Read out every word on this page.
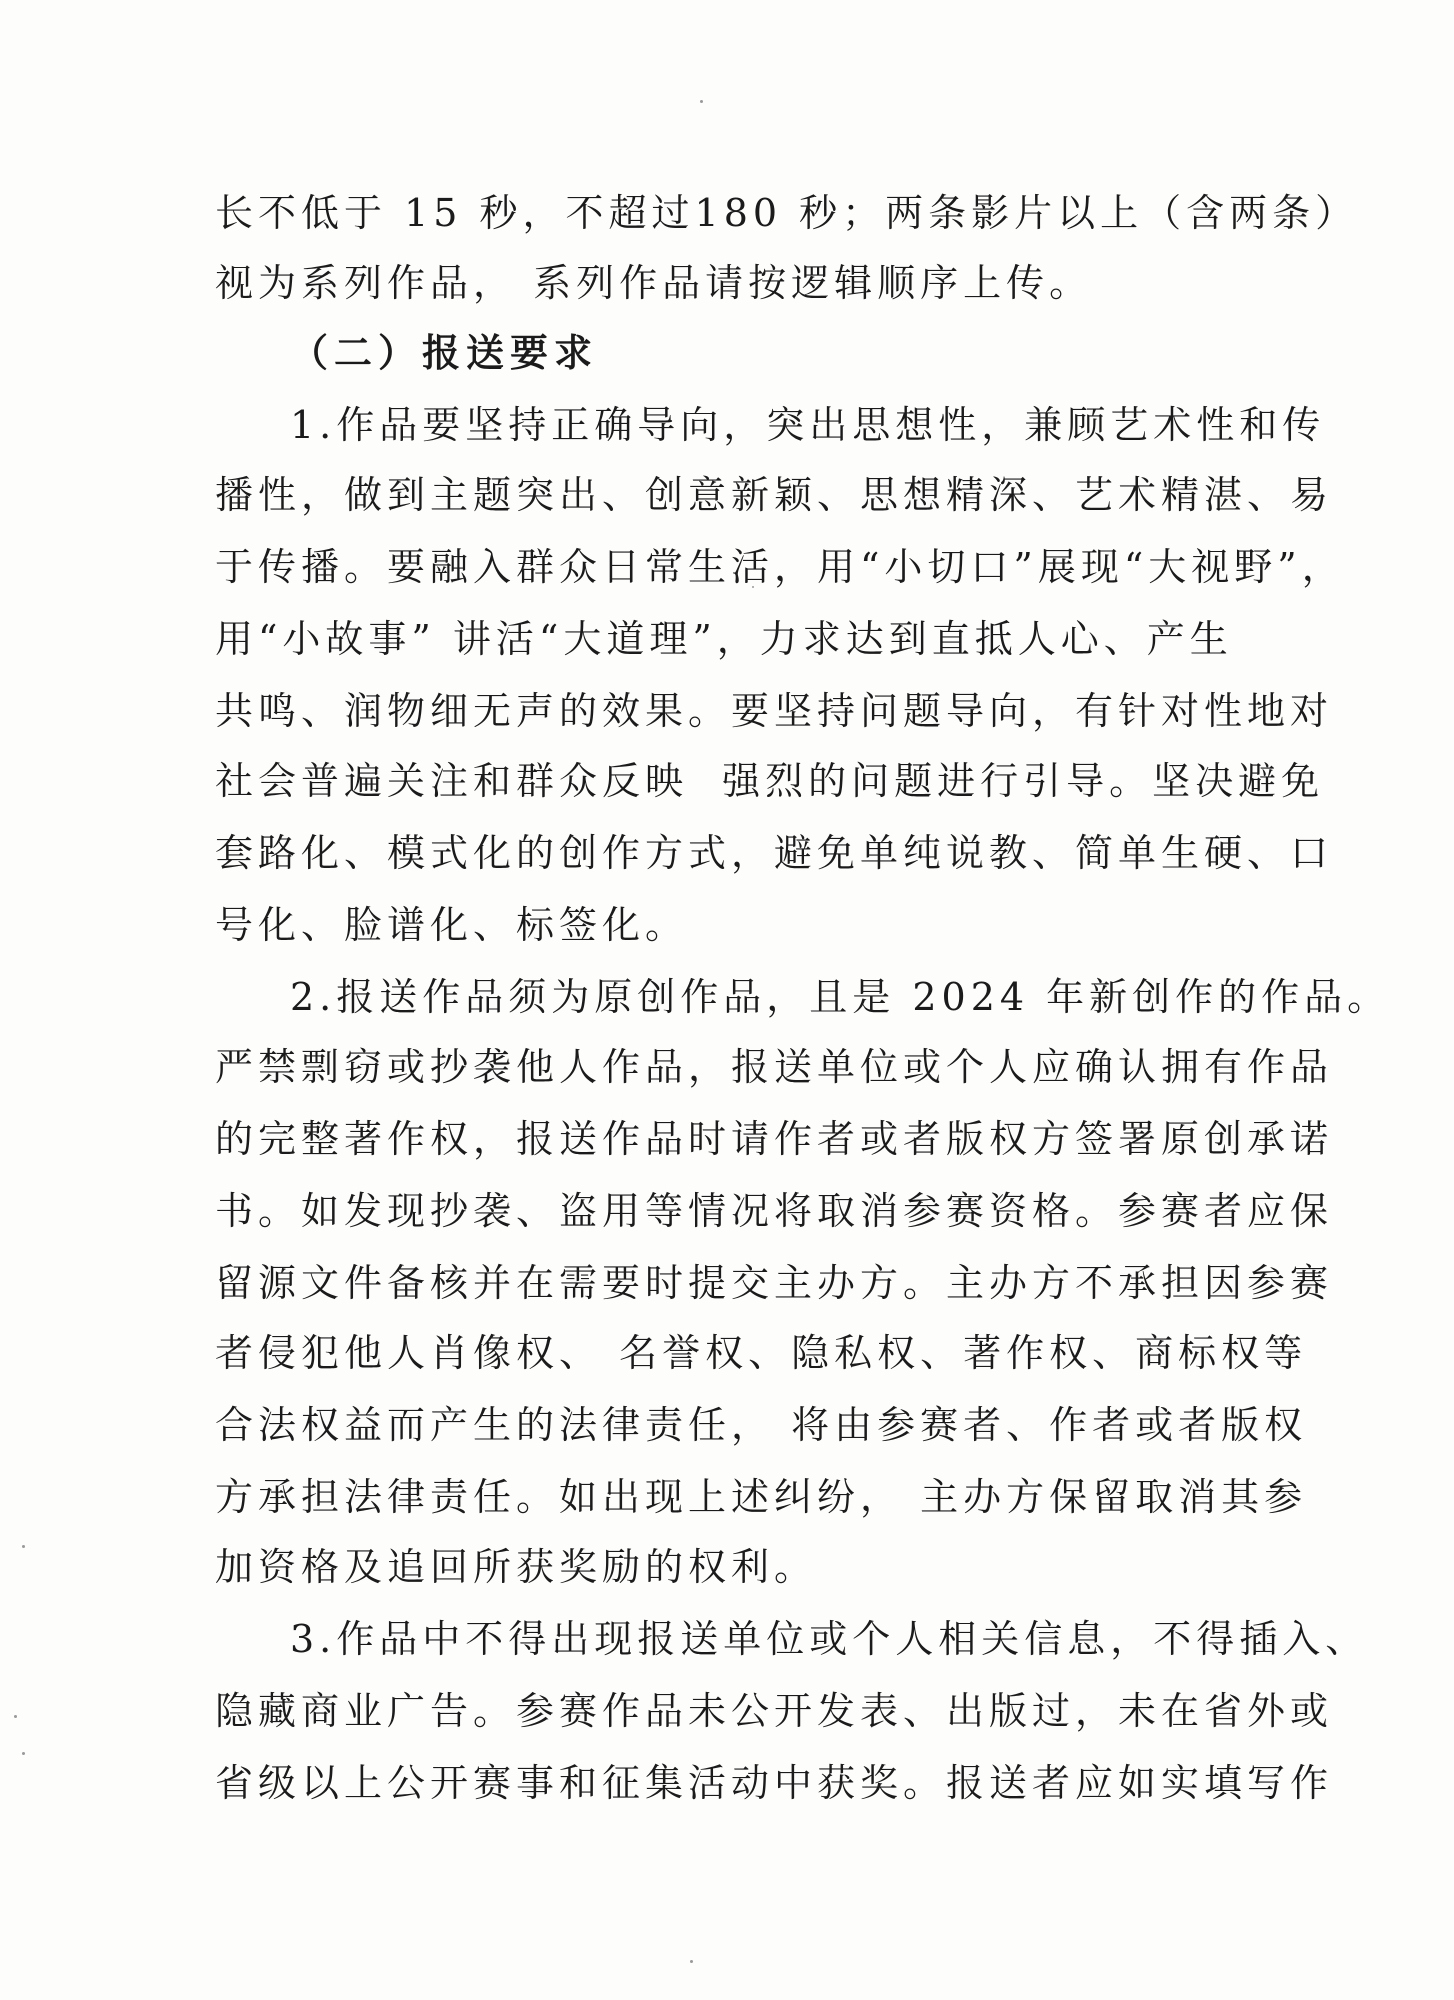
长不低于 15 秒，不超过180 秒；两条影片以上（含两条）
视为系列作品， 系列作品请按逻辑顺序上传。
（二）报送要求
1.作品要坚持正确导向，突出思想性，兼顾艺术性和传
播性，做到主题突出、创意新颖、思想精深、艺术精湛、易
于传播。要融入群众日常生活，用“小切口”展现“大视野”，
用“小故事” 讲活“大道理”，力求达到直抵人心、产生
共鸣、润物细无声的效果。要坚持问题导向，有针对性地对
社会普遍关注和群众反映  强烈的问题进行引导。坚决避免
套路化、模式化的创作方式，避免单纯说教、简单生硬、口
号化、脸谱化、标签化。
2.报送作品须为原创作品，且是 2024 年新创作的作品。
严禁剽窃或抄袭他人作品，报送单位或个人应确认拥有作品
的完整著作权，报送作品时请作者或者版权方签署原创承诺
书。如发现抄袭、盗用等情况将取消参赛资格。参赛者应保
留源文件备核并在需要时提交主办方。主办方不承担因参赛
者侵犯他人肖像权、 名誉权、隐私权、著作权、商标权等
合法权益而产生的法律责任， 将由参赛者、作者或者版权
方承担法律责任。如出现上述纠纷， 主办方保留取消其参
加资格及追回所获奖励的权利。
3.作品中不得出现报送单位或个人相关信息，不得插入、
隐藏商业广告。参赛作品未公开发表、出版过，未在省外或
省级以上公开赛事和征集活动中获奖。报送者应如实填写作
